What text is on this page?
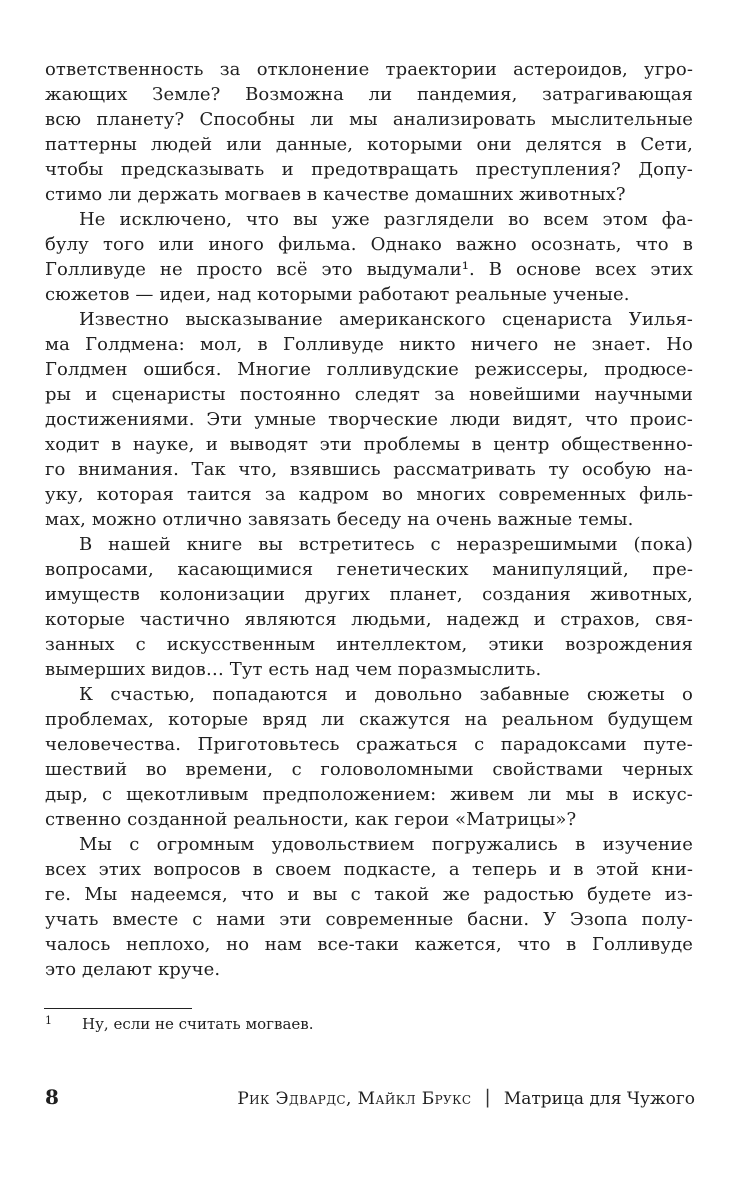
ответственность за отклонение траектории астероидов, угро-
жающих Земле? Возможна ли пандемия, затрагивающая
всю планету? Способны ли мы анализировать мыслительные
паттерны людей или данные, которыми они делятся в Сети,
чтобы предсказывать и предотвращать преступления? Допу-
стимо ли держать могваев в качестве домашних животных?
Не исключено, что вы уже разглядели во всем этом фа-
булу того или иного фильма. Однако важно осознать, что в
Голливуде не просто всё это выдумали¹. В основе всех этих
сюжетов — идеи, над которыми работают реальные ученые.
Известно высказывание американского сценариста Уилья-
ма Голдмена: мол, в Голливуде никто ничего не знает. Но
Голдмен ошибся. Многие голливудские режиссеры, продюсе-
ры и сценаристы постоянно следят за новейшими научными
достижениями. Эти умные творческие люди видят, что проис-
ходит в науке, и выводят эти проблемы в центр общественно-
го внимания. Так что, взявшись рассматривать ту особую на-
уку, которая таится за кадром во многих современных филь-
мах, можно отлично завязать беседу на очень важные темы.
В нашей книге вы встретитесь с неразрешимыми (пока)
вопросами, касающимися генетических манипуляций, пре-
имуществ колонизации других планет, создания животных,
которые частично являются людьми, надежд и страхов, свя-
занных с искусственным интеллектом, этики возрождения
вымерших видов… Тут есть над чем поразмыслить.
К счастью, попадаются и довольно забавные сюжеты о
проблемах, которые вряд ли скажутся на реальном будущем
человечества. Приготовьтесь сражаться с парадоксами путе-
шествий во времени, с головоломными свойствами черных
дыр, с щекотливым предположением: живем ли мы в искус-
ственно созданной реальности, как герои «Матрицы»?
Мы с огромным удовольствием погружались в изучение
всех этих вопросов в своем подкасте, а теперь и в этой кни-
ге. Мы надеемся, что и вы с такой же радостью будете из-
учать вместе с нами эти современные басни. У Эзопа полу-
чалось неплохо, но нам все-таки кажется, что в Голливуде
это делают круче.
$^1$ Ну, если не считать могваев.
8	Рик Эдвардс, Майкл Брукс | Матрица для Чужого
